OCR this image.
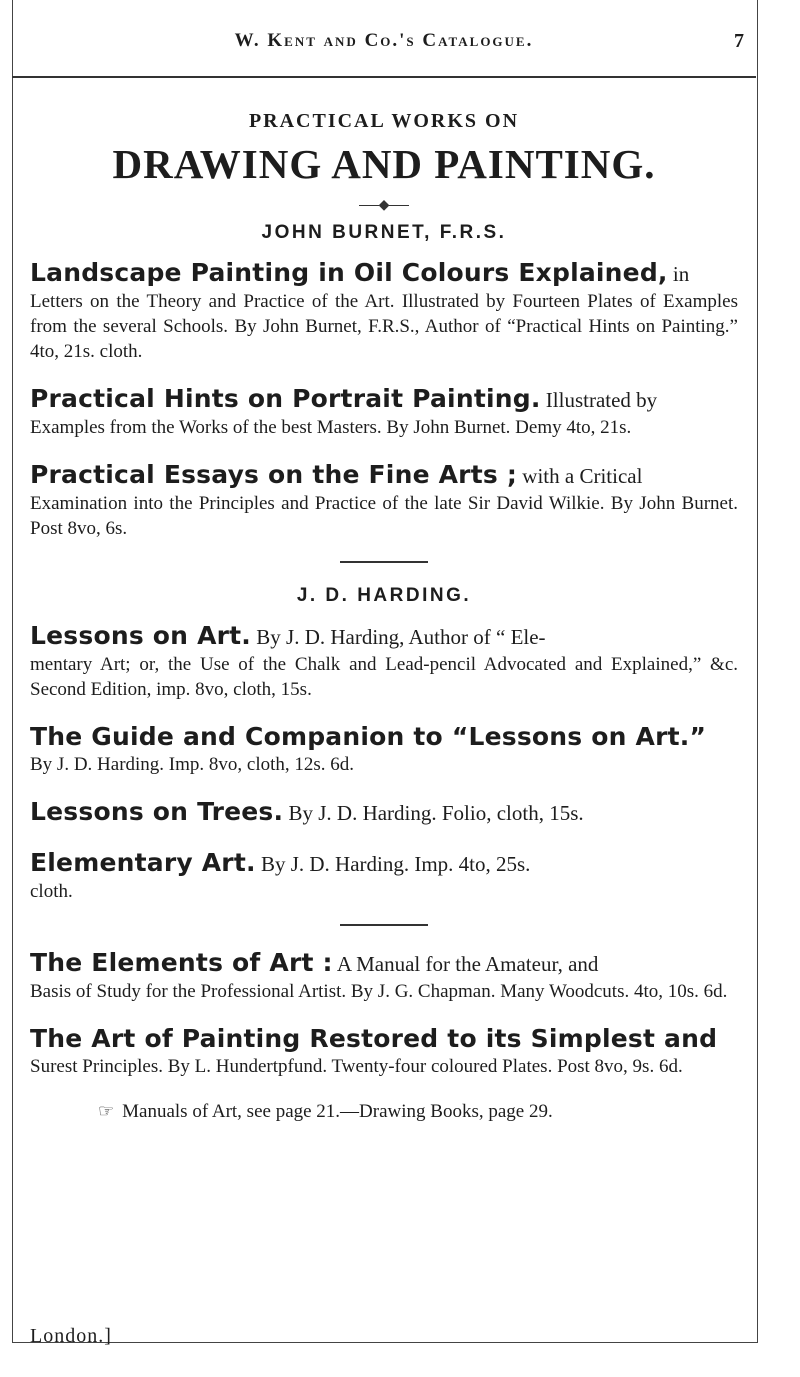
W. Kent and Co.'s Catalogue.	7
PRACTICAL WORKS ON
DRAWING AND PAINTING.
◆
JOHN BURNET, F.R.S.
Landscape Painting in Oil Colours Explained, in
Letters on the Theory and Practice of the Art. Illustrated by Fourteen Plates of Examples from the several Schools. By John Burnet, F.R.S., Author of “Practical Hints on Painting.” 4to, 21s. cloth.
Practical Hints on Portrait Painting. Illustrated by
Examples from the Works of the best Masters. By John Burnet. Demy 4to, 21s.
Practical Essays on the Fine Arts ; with a Critical
Examination into the Principles and Practice of the late Sir David Wilkie. By John Burnet. Post 8vo, 6s.
J. D. HARDING.
Lessons on Art. By J. D. Harding, Author of “ Ele-
mentary Art; or, the Use of the Chalk and Lead-pencil Advocated and Explained,” &c. Second Edition, imp. 8vo, cloth, 15s.
The Guide and Companion to “Lessons on Art.”
By J. D. Harding. Imp. 8vo, cloth, 12s. 6d.
Lessons on Trees. By J. D. Harding. Folio, cloth, 15s.
Elementary Art. By J. D. Harding. Imp. 4to, 25s.
cloth.
The Elements of Art : A Manual for the Amateur, and
Basis of Study for the Professional Artist. By J. G. Chapman. Many Woodcuts. 4to, 10s. 6d.
The Art of Painting Restored to its Simplest and
Surest Principles. By L. Hundertpfund. Twenty-four coloured Plates. Post 8vo, 9s. 6d.
☞ Manuals of Art, see page 21.—Drawing Books, page 29.
London.]
